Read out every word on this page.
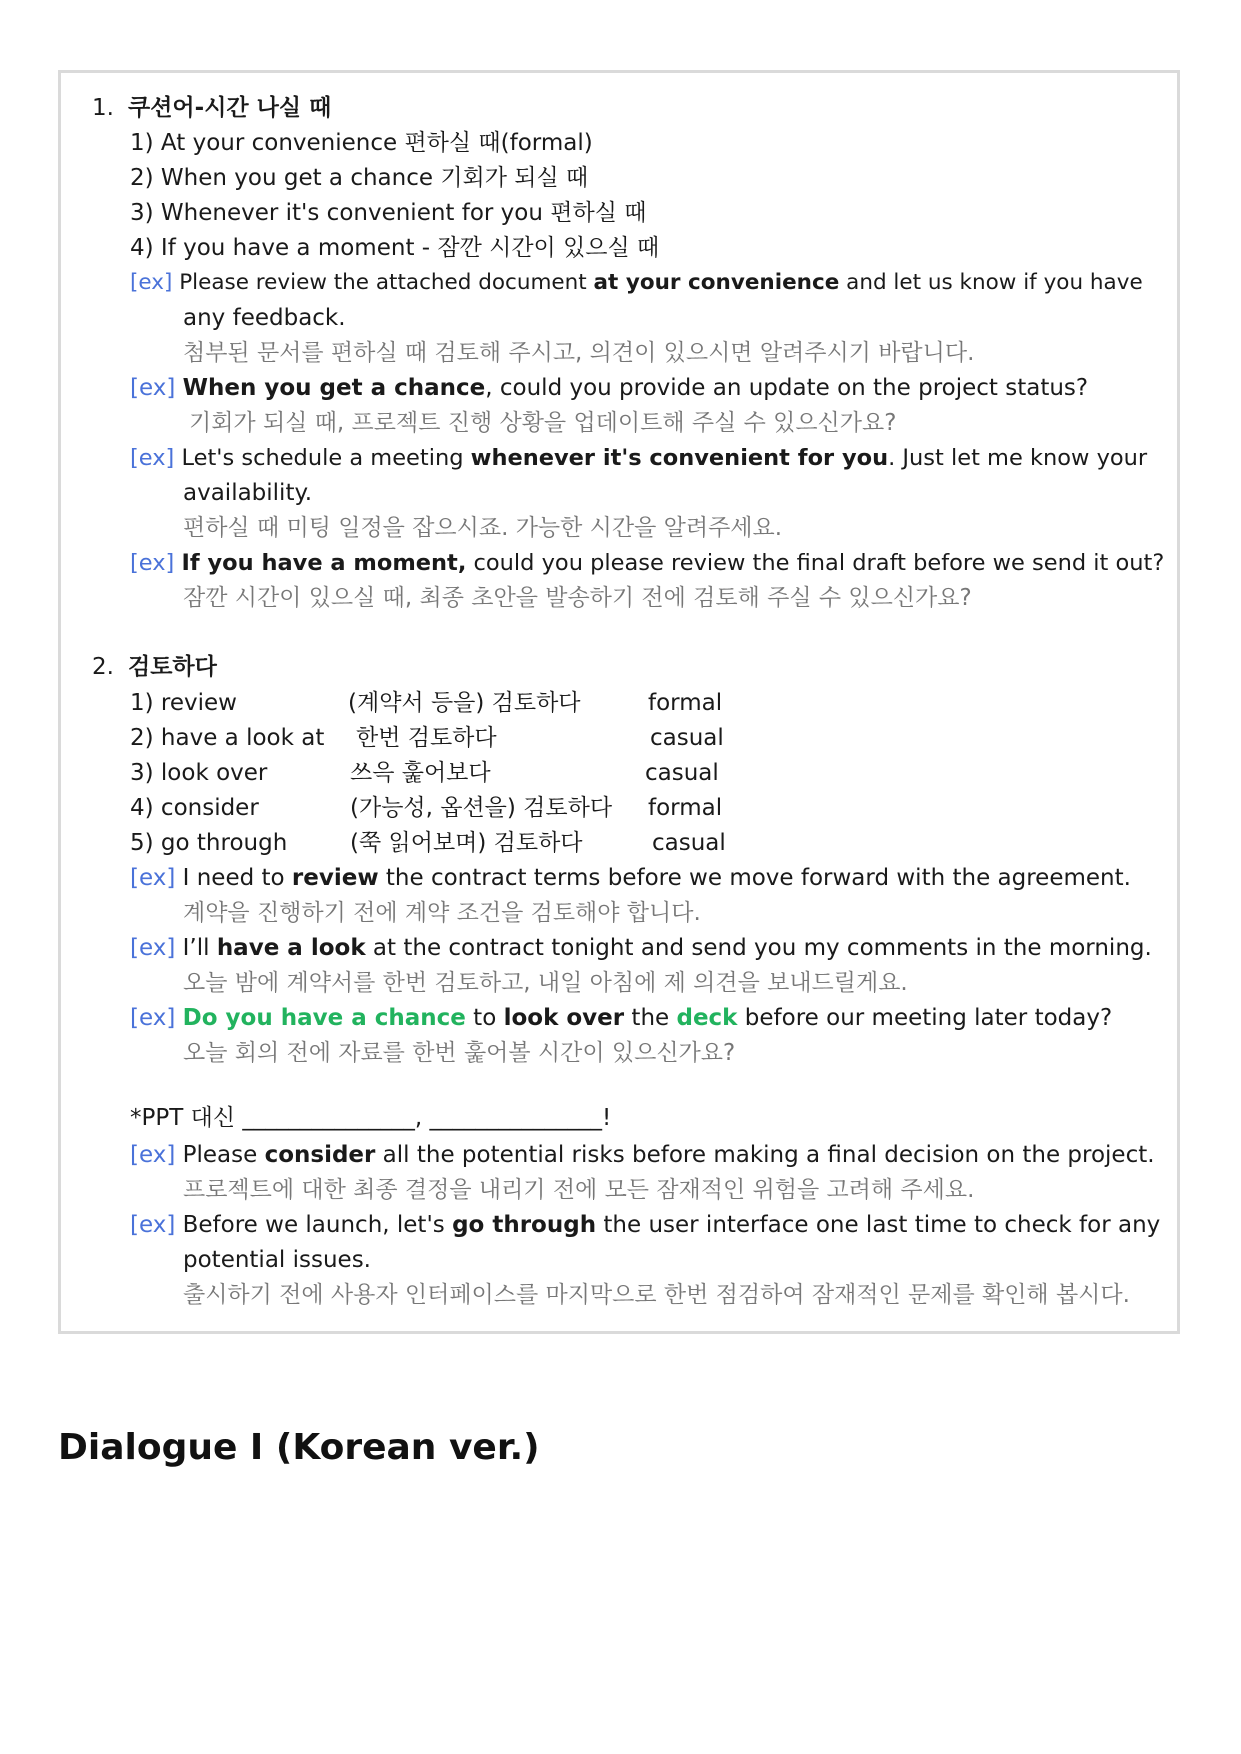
1. 쿠션어-시간 나실 때
1) At your convenience 편하실 때(formal)
2) When you get a chance 기회가 되실 때
3) Whenever it's convenient for you 편하실 때
4) If you have a moment - 잠깐 시간이 있으실 때
[ex] Please review the attached document at your convenience and let us know if you have
any feedback.
첨부된 문서를 편하실 때 검토해 주시고, 의견이 있으시면 알려주시기 바랍니다.
[ex] When you get a chance, could you provide an update on the project status?
기회가 되실 때, 프로젝트 진행 상황을 업데이트해 주실 수 있으신가요?
[ex] Let's schedule a meeting whenever it's convenient for you. Just let me know your
availability.
편하실 때 미팅 일정을 잡으시죠. 가능한 시간을 알려주세요.
[ex] If you have a moment, could you please review the final draft before we send it out?
잠깐 시간이 있으실 때, 최종 초안을 발송하기 전에 검토해 주실 수 있으신가요?
2. 검토하다
1) review	(계약서 등을) 검토하다	formal
2) have a look at 한번 검토하다	casual
3) look over	쓰윽 훑어보다	casual
4) consider	(가능성, 옵션을) 검토하다 formal
5) go through	(쭉 읽어보며) 검토하다	casual
[ex] I need to review the contract terms before we move forward with the agreement.
계약을 진행하기 전에 계약 조건을 검토해야 합니다.
[ex] I’ll have a look at the contract tonight and send you my comments in the morning.
오늘 밤에 계약서를 한번 검토하고, 내일 아침에 제 의견을 보내드릴게요.
[ex] Do you have a chance to look over the deck before our meeting later today?
오늘 회의 전에 자료를 한번 훑어볼 시간이 있으신가요?
*PPT 대신 _______________, _______________!
[ex] Please consider all the potential risks before making a final decision on the project.
프로젝트에 대한 최종 결정을 내리기 전에 모든 잠재적인 위험을 고려해 주세요.
[ex] Before we launch, let's go through the user interface one last time to check for any
potential issues.
출시하기 전에 사용자 인터페이스를 마지막으로 한번 점검하여 잠재적인 문제를 확인해 봅시다.
Dialogue I (Korean ver.)
